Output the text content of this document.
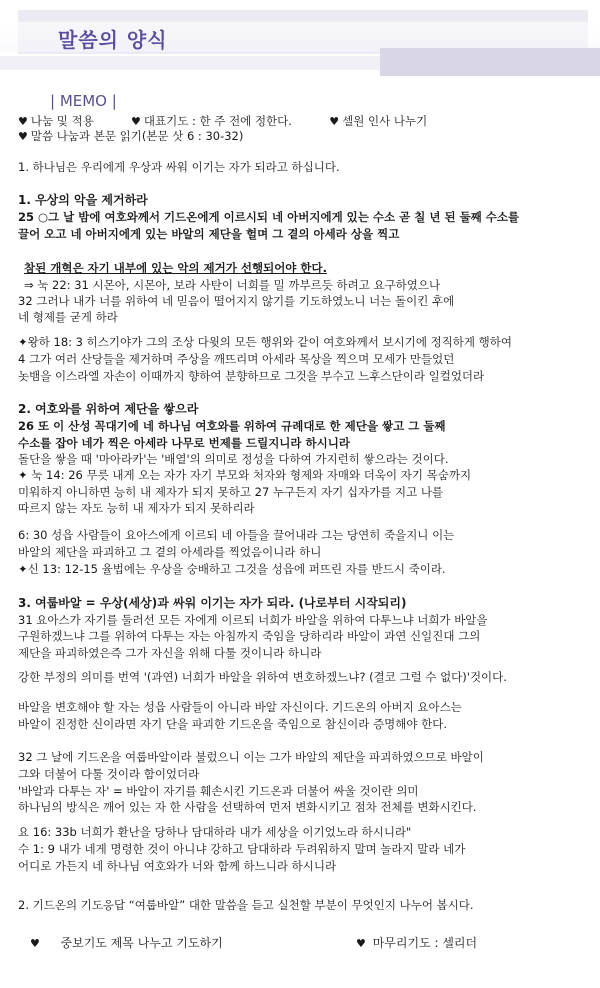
말씀의 양식
| MEMO |
♥ 나눔 및 적용	♥ 대표기도 : 한 주 전에 정한다.	♥ 셀원 인사 나누기
♥ 말씀 나눔과 본문 읽기(본문 삿 6 : 30-32)
1. 하나님은 우리에게 우상과 싸워 이기는 자가 되라고 하십니다.
1. 우상의 악을 제거하라
25 ○그 날 밤에 여호와께서 기드온에게 이르시되 네 아버지에게 있는 수소 곧 칠 년 된 둘째 수소를
끌어 오고 네 아버지에게 있는 바알의 제단을 헐며 그 곁의 아세라 상을 찍고
참된 개혁은 자기 내부에 있는 악의 제거가 선행되어야 한다.
⇒ 눅 22: 31 시몬아, 시몬아, 보라 사탄이 너희를 밀 까부르듯 하려고 요구하였으나
32 그러나 내가 너를 위하여 네 믿음이 떨어지지 않기를 기도하였노니 너는 돌이킨 후에
네 형제를 굳게 하라
✦왕하 18: 3 히스기야가 그의 조상 다윗의 모든 행위와 같이 여호와께서 보시기에 정직하게 행하여
4 그가 여러 산당들을 제거하며 주상을 깨뜨리며 아세라 목상을 찍으며 모세가 만들었던
놋뱀을 이스라엘 자손이 이때까지 향하여 분향하므로 그것을 부수고 느후스단이라 일컬었더라
2. 여호와를 위하여 제단을 쌓으라
26 또 이 산성 꼭대기에 네 하나님 여호와를 위하여 규례대로 한 제단을 쌓고 그 둘째
수소를 잡아 네가 찍은 아세라 나무로 번제를 드릴지니라 하시니라
돌단을 쌓을 때 '마아라카'는 '배열'의 의미로 정성을 다하여 가지런히 쌓으라는 것이다.
✦ 눅 14: 26 무릇 내게 오는 자가 자기 부모와 처자와 형제와 자매와 더욱이 자기 목숨까지
미워하지 아니하면 능히 내 제자가 되지 못하고 27 누구든지 자기 십자가를 지고 나를
따르지 않는 자도 능히 내 제자가 되지 못하리라
6: 30 성읍 사람들이 요아스에게 이르되 네 아들을 끌어내라 그는 당연히 죽을지니 이는
바알의 제단을 파괴하고 그 곁의 아세라를 찍었음이니라 하니
✦신 13: 12-15 율법에는 우상을 숭배하고 그것을 성읍에 퍼뜨린 자를 반드시 죽이라.
3. 여룹바알 = 우상(세상)과 싸워 이기는 자가 되라. (나로부터 시작되리)
31 요아스가 자기를 둘러선 모든 자에게 이르되 너희가 바알을 위하여 다투느냐 너희가 바알을
구원하겠느냐 그를 위하여 다투는 자는 아침까지 죽임을 당하리라 바알이 과연 신일진대 그의
제단을 파괴하였은즉 그가 자신을 위해 다툴 것이니라 하니라
강한 부정의 의미를 번역 '(과연) 너희가 바알을 위하여 변호하겠느냐? (결코 그럴 수 없다)'것이다.
바알을 변호해야 할 자는 성읍 사람들이 아니라 바알 자신이다. 기드온의 아버지 요아스는
바알이 진정한 신이라면 자기 단을 파괴한 기드온을 죽임으로 참신이라 증명해야 한다.
32 그 날에 기드온을 여룹바알이라 불렀으니 이는 그가 바알의 제단을 파괴하였으므로 바알이
그와 더불어 다툴 것이라 함이었더라
'바알과 다투는 자' = 바알이 자기를 훼손시킨 기드온과 더불어 싸울 것이란 의미
하나님의 방식은 깨어 있는 자 한 사람을 선택하여 먼저 변화시키고 점차 전체를 변화시킨다.
요 16: 33b 너희가 환난을 당하나 담대하라 내가 세상을 이기었노라 하시니라"
수 1: 9 내가 네게 명령한 것이 아니냐 강하고 담대하라 두려워하지 말며 놀라지 말라 네가
어디로 가든지 네 하나님 여호와가 너와 함께 하느니라 하시니라
2. 기드온의 기도응답 “여룹바알” 대한 말씀을 듣고 실천할 부분이 무엇인지 나누어 봅시다.
♥ 중보기도 제목 나누고 기도하기	♥ 마무리기도 : 셀리더
